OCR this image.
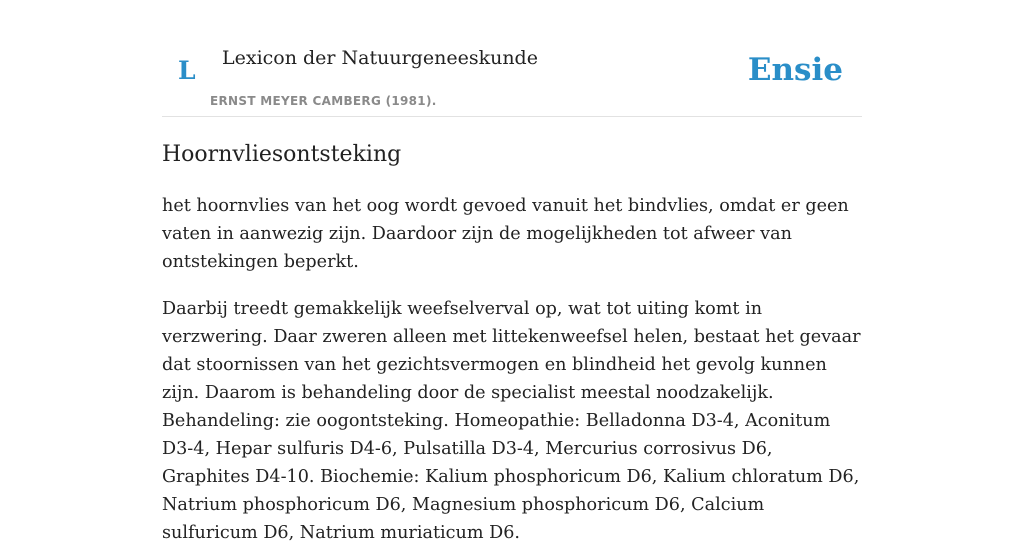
L Lexicon der Natuurgeneeskunde
ERNST MEYER CAMBERG (1981).
Ensie
Hoornvliesontsteking

het hoornvlies van het oog wordt gevoed vanuit het bindvlies, omdat er geen vaten in aanwezig zijn. Daardoor zijn de mogelijkheden tot afweer van ontstekingen beperkt.

Daarbij treedt gemakkelijk weefselverval op, wat tot uiting komt in verzwering. Daar zweren alleen met littekenweefsel helen, bestaat het gevaar dat stoornissen van het gezichtsvermogen en blindheid het gevolg kunnen zijn. Daarom is behandeling door de specialist meestal noodzakelijk. Behandeling: zie oogontsteking. Homeopathie: Belladonna D3-4, Aconitum D3-4, Hepar sulfuris D4-6, Pulsatilla D3-4, Mercurius corrosivus D6, Graphites D4-10. Biochemie: Kalium phosphoricum D6, Kalium chloratum D6, Natrium phosphoricum D6, Magnesium phosphoricum D6, Calcium sulfuricum D6, Natrium muriaticum D6.
